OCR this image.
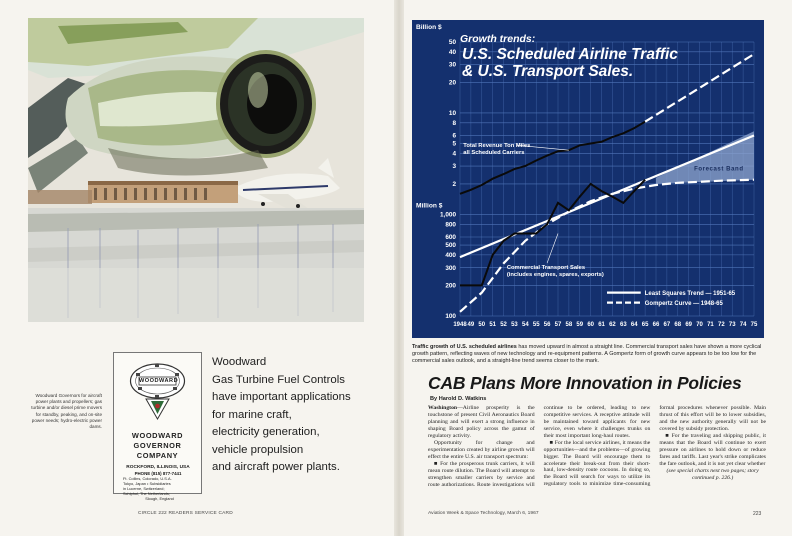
Woodward Governors for aircraft power plants and propellers; gas turbine and/or diesel prime movers for standby, peaking, and on-site power needs; hydro-electric power dams.
WOODWARD
WOODWARD
GOVERNOR
COMPANY
ROCKFORD, ILLINOIS, USA
PHONE (815) 877-7441
Ft. Collins, Colorado, U.S.A.
Tokyo, Japan • Subsidiaries
in Lucerne, Switzerland;
Schiphol, The Netherlands;
Slough, England
Woodward
Gas Turbine Fuel Controls
have important applications
for marine craft,
electricity generation,
vehicle propulsion
and aircraft power plants.
CIRCLE 222 READERS SERVICE CARD
Forecast Band
50
40
30
20
10
8
6
5
4
3
2
1,000
800
600
500
400
300
200
100
1948 49 50 51 52 53 54 55 56 57 58 59 60 61 62 63 64 65 66 67 68 69 70 71 72 73 74 75
Billion $
Million $
Total Revenue Ton Miles
all Scheduled Carriers
Commercial Transport Sales
(includes engines, spares, exports)
Least Squares Trend — 1951-65
Gompertz Curve — 1948-65
Growth trends:
U.S. Scheduled Airline Traffic
& U.S. Transport Sales.
Traffic growth of U.S. scheduled airlines has moved upward in almost a straight line. Commercial transport sales have shown a more cyclical growth pattern, reflecting waves of new technology and re-equipment patterns. A Gompertz form of growth curve appears to be too low for the commercial sales outlook, and a straight-line trend seems closer to the mark.
CAB Plans More Innovation in Policies
By Harold D. Watkins

Washington—Airline prosperity is the touchstone of present Civil Aeronautics Board planning and will exert a strong influence in shaping Board policy across the gamut of regulatory activity.

Opportunity for change and experimentation created by airline growth will effect the entire U.S. air transport spectrum:

■ For the prosperous trunk carriers, it will mean route dilution. The Board will attempt to strengthen smaller carriers by service and route authorizations. Route investigations will continue to be ordered, leading to new competitive services. A receptive attitude will be maintained toward applicants for new service, even where it challenges trunks on their most important long-haul routes.

■ For the local service airlines, it means the opportunities—and the problems—of growing bigger. The Board will encourage them to accelerate their break-out from their short-haul, low-density route cocoons. In doing so, the Board will search for ways to utilize its regulatory tools to minimize time-consuming formal procedures whenever possible. Main thrust of this effort will be to lower subsidies, and the new authority generally will not be covered by subsidy protection.

■ For the traveling and shipping public, it means that the Board will continue to exert pressure on airlines to hold down or reduce fares and tariffs. Last year's strike complicates the fare outlook, and it is not yet clear whether

(see special charts next two pages; story continued p. 226.)

Aviation Week & Space Technology, March 6, 1967	223
